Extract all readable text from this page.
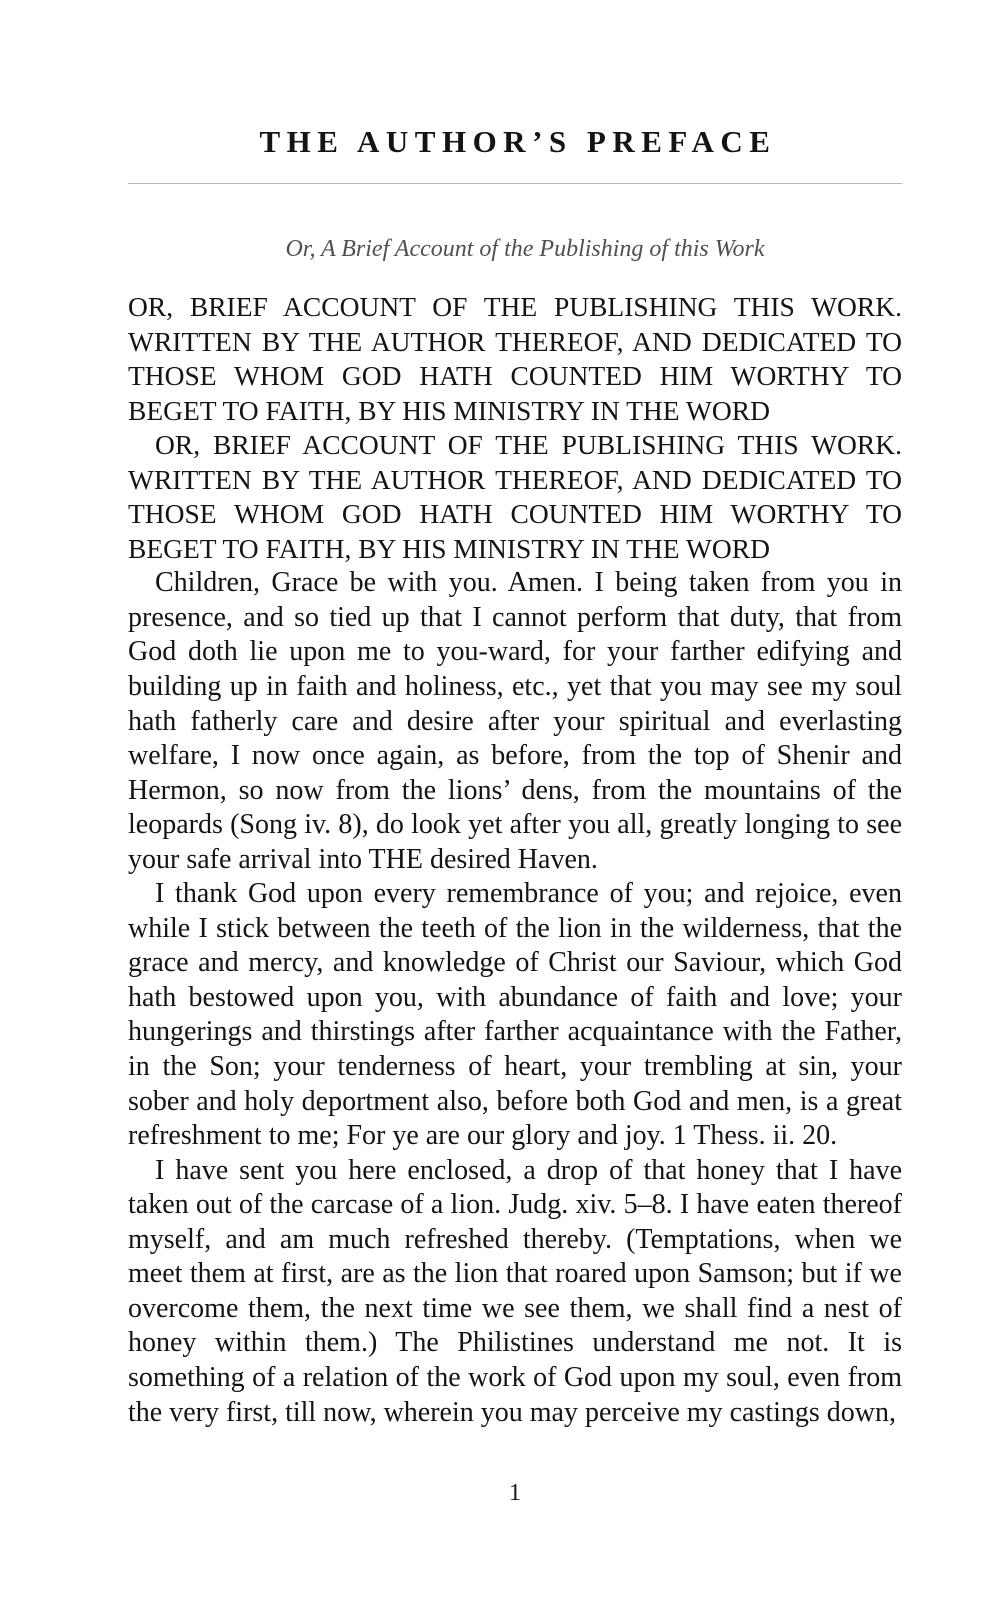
THE AUTHOR’S PREFACE

Or, A Brief Account of the Publishing of this Work

OR, BRIEF ACCOUNT OF THE PUBLISHING THIS WORK. WRITTEN BY THE AUTHOR THEREOF, AND DEDICATED TO THOSE WHOM GOD HATH COUNTED HIM WORTHY TO BEGET TO FAITH, BY HIS MINISTRY IN THE WORD

OR, BRIEF ACCOUNT OF THE PUBLISHING THIS WORK. WRITTEN BY THE AUTHOR THEREOF, AND DEDICATED TO THOSE WHOM GOD HATH COUNTED HIM WORTHY TO BEGET TO FAITH, BY HIS MINISTRY IN THE WORD

Children, Grace be with you. Amen. I being taken from you in presence, and so tied up that I cannot perform that duty, that from God doth lie upon me to you-ward, for your farther edifying and building up in faith and holiness, etc., yet that you may see my soul hath fatherly care and desire after your spiritual and everlasting welfare, I now once again, as before, from the top of Shenir and Hermon, so now from the lions’ dens, from the mountains of the leopards (Song iv. 8), do look yet after you all, greatly longing to see your safe arrival into THE desired Haven.

I thank God upon every remembrance of you; and rejoice, even while I stick between the teeth of the lion in the wilderness, that the grace and mercy, and knowledge of Christ our Saviour, which God hath bestowed upon you, with abundance of faith and love; your hungerings and thirstings after farther acquaintance with the Father, in the Son; your tenderness of heart, your trembling at sin, your sober and holy deportment also, before both God and men, is a great refreshment to me; For ye are our glory and joy. 1 Thess. ii. 20.

I have sent you here enclosed, a drop of that honey that I have taken out of the carcase of a lion. Judg. xiv. 5–8. I have eaten thereof myself, and am much refreshed thereby. (Temptations, when we meet them at first, are as the lion that roared upon Samson; but if we overcome them, the next time we see them, we shall find a nest of honey within them.) The Philistines understand me not. It is something of a relation of the work of God upon my soul, even from the very first, till now, wherein you may perceive my castings down,

1
